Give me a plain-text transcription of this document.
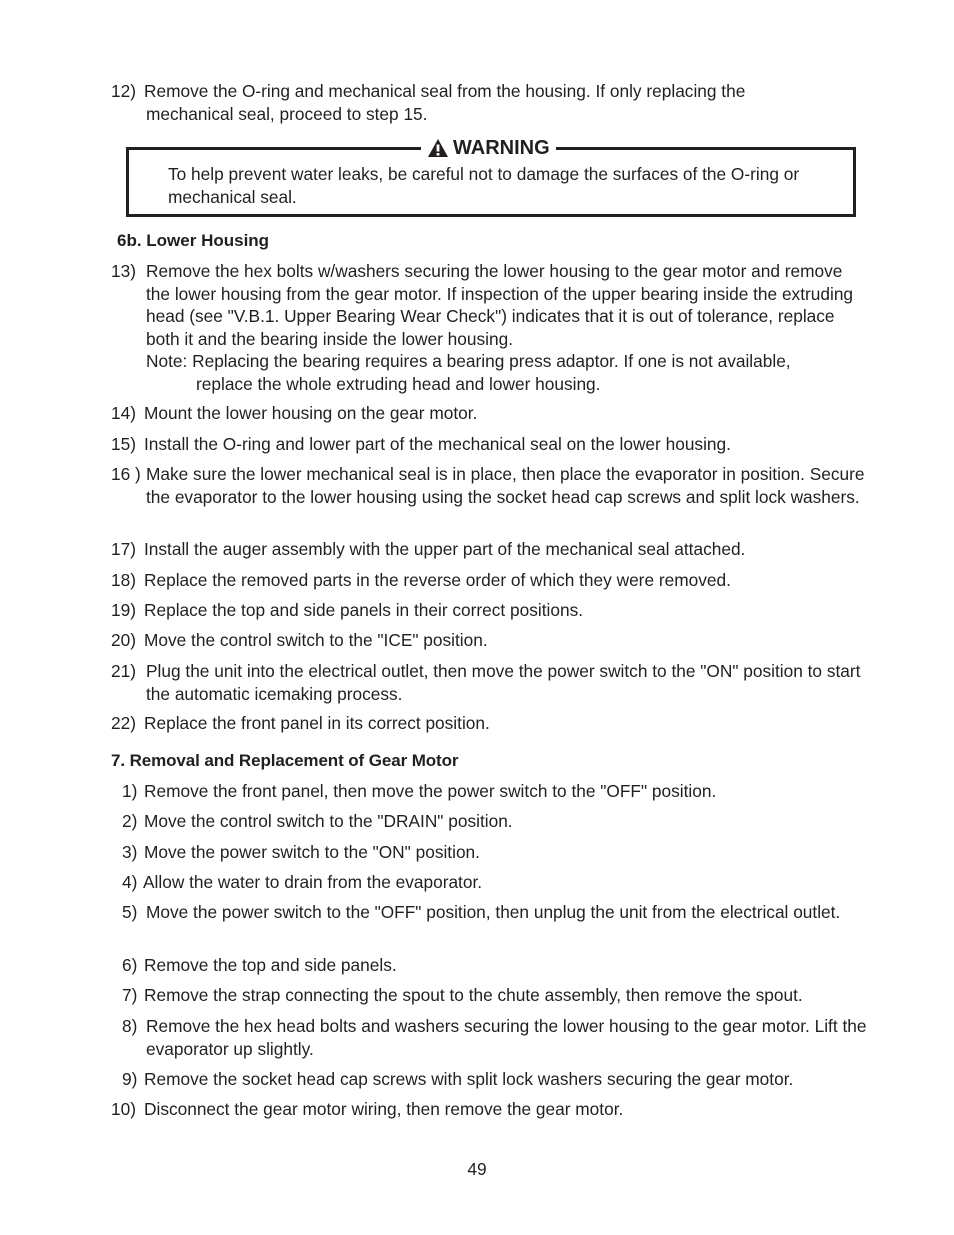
12) Remove the O-ring and mechanical seal from the housing. If only replacing the mechanical seal, proceed to step 15.
WARNING
To help prevent water leaks, be careful not to damage the surfaces of the O-ring or mechanical seal.
6b. Lower Housing
13) Remove the hex bolts w/washers securing the lower housing to the gear motor and remove the lower housing from the gear motor. If inspection of the upper bearing inside the extruding head (see "V.B.1. Upper Bearing Wear Check") indicates that it is out of tolerance, replace both it and the bearing inside the lower housing.
Note: Replacing the bearing requires a bearing press adaptor. If one is not available,
replace the whole extruding head and lower housing.
14) Mount the lower housing on the gear motor.
15) Install the O-ring and lower part of the mechanical seal on the lower housing.
16 ) Make sure the lower mechanical seal is in place, then place the evaporator in position. Secure the evaporator to the lower housing using the socket head cap screws and split lock washers.
17) Install the auger assembly with the upper part of the mechanical seal attached.
18) Replace the removed parts in the reverse order of which they were removed.
19) Replace the top and side panels in their correct positions.
20) Move the control switch to the "ICE" position.
21) Plug the unit into the electrical outlet, then move the power switch to the "ON" position to start the automatic icemaking process.
22) Replace the front panel in its correct position.
7. Removal and Replacement of Gear Motor
1) Remove the front panel, then move the power switch to the "OFF" position.
2) Move the control switch to the "DRAIN" position.
3) Move the power switch to the "ON" position.
4) Allow the water to drain from the evaporator.
5) Move the power switch to the "OFF" position, then unplug the unit from the electrical outlet.
6) Remove the top and side panels.
7) Remove the strap connecting the spout to the chute assembly, then remove the spout.
8) Remove the hex head bolts and washers securing the lower housing to the gear motor. Lift the evaporator up slightly.
9) Remove the socket head cap screws with split lock washers securing the gear motor.
10) Disconnect the gear motor wiring, then remove the gear motor.
49
